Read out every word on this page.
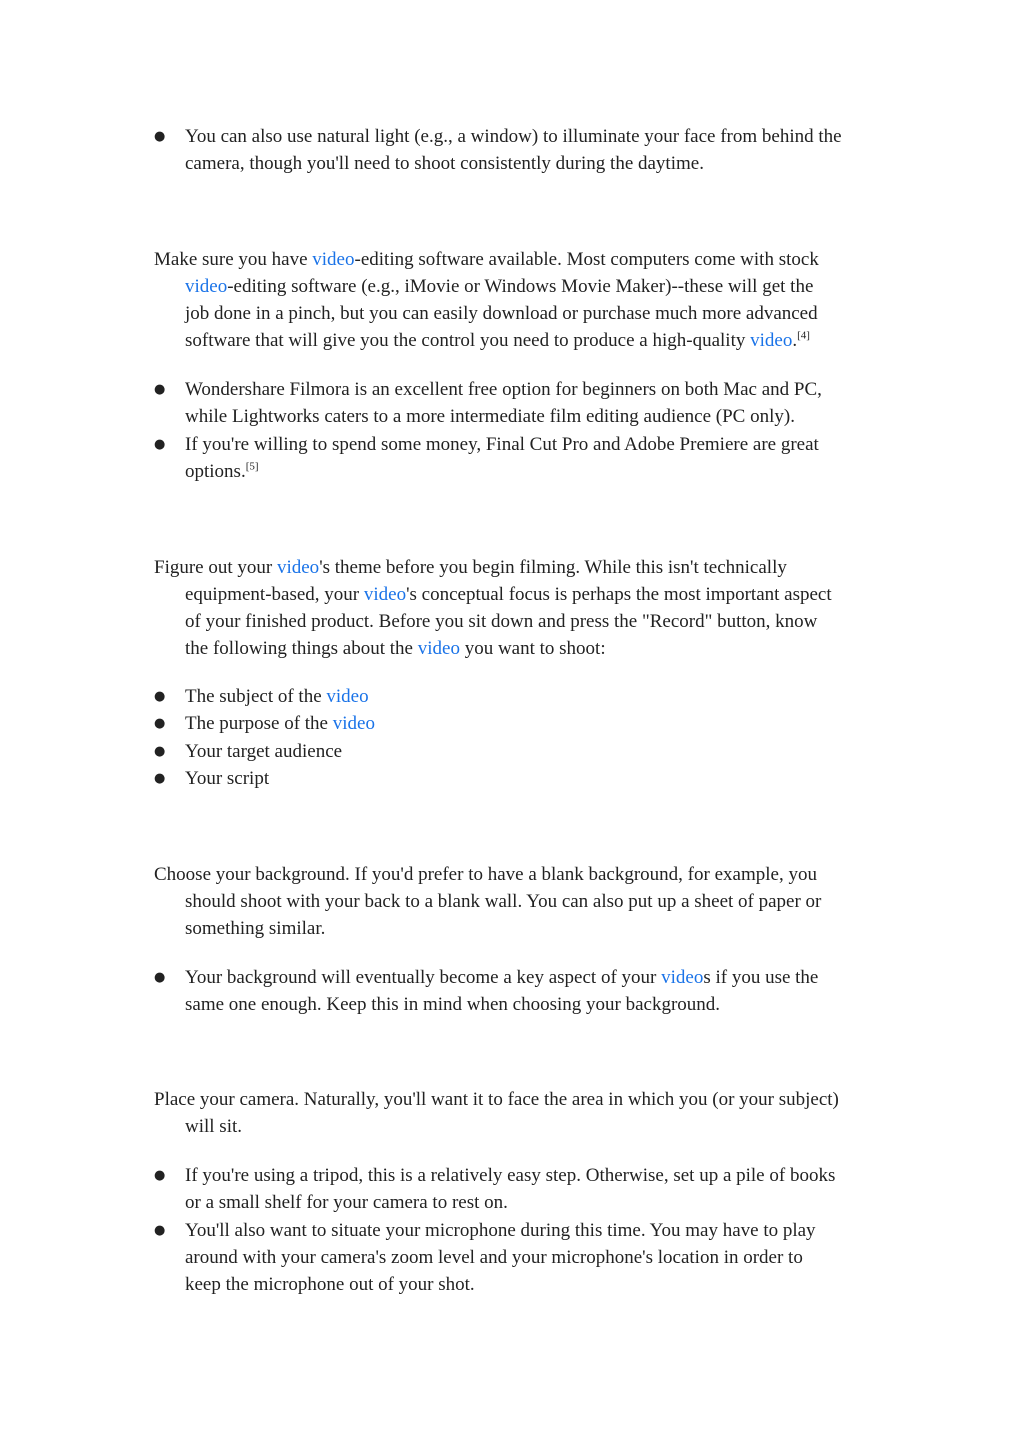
● You can also use natural light (e.g., a window) to illuminate your face from behind the
camera, though you'll need to shoot consistently during the daytime.
Make sure you have video-editing software available. Most computers come with stock
video-editing software (e.g., iMovie or Windows Movie Maker)--these will get the
job done in a pinch, but you can easily download or purchase much more advanced
software that will give you the control you need to produce a high-quality video.[4]
● Wondershare Filmora is an excellent free option for beginners on both Mac and PC,
while Lightworks caters to a more intermediate film editing audience (PC only).
● If you're willing to spend some money, Final Cut Pro and Adobe Premiere are great
options.[5]
Figure out your video's theme before you begin filming. While this isn't technically
equipment-based, your video's conceptual focus is perhaps the most important aspect
of your finished product. Before you sit down and press the "Record" button, know
the following things about the video you want to shoot:
● The subject of the video
● The purpose of the video
● Your target audience
● Your script
Choose your background. If you'd prefer to have a blank background, for example, you
should shoot with your back to a blank wall. You can also put up a sheet of paper or
something similar.
● Your background will eventually become a key aspect of your videos if you use the
same one enough. Keep this in mind when choosing your background.
Place your camera. Naturally, you'll want it to face the area in which you (or your subject)
will sit.
● If you're using a tripod, this is a relatively easy step. Otherwise, set up a pile of books
or a small shelf for your camera to rest on.
● You'll also want to situate your microphone during this time. You may have to play
around with your camera's zoom level and your microphone's location in order to
keep the microphone out of your shot.
